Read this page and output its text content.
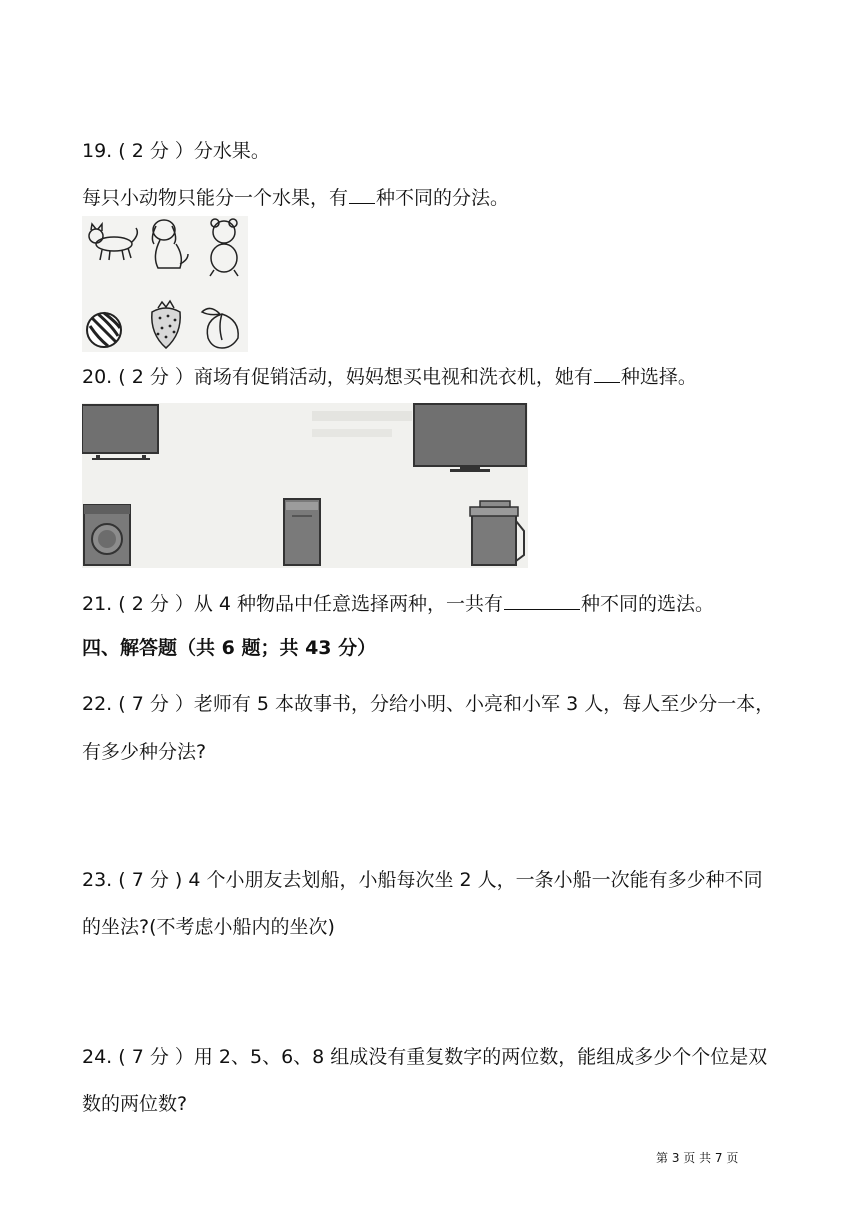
19. ( 2 分 ）分水果。
每只小动物只能分一个水果，有 种不同的分法。
20. ( 2 分 ）商场有促销活动，妈妈想买电视和洗衣机，她有 种选择。
21. ( 2 分 ）从 4 种物品中任意选择两种，一共有	种不同的选法。
四、解答题（共 6 题；共 43 分）
22. ( 7 分 ）老师有 5 本故事书，分给小明、小亮和小军 3 人，每人至少分一本，
有多少种分法?
23. ( 7 分 ) 4 个小朋友去划船，小船每次坐 2 人，一条小船一次能有多少种不同
的坐法?(不考虑小船内的坐次)
24. ( 7 分 ）用 2、5、6、8 组成没有重复数字的两位数，能组成多少个个位是双
数的两位数?
第 3 页 共 7 页
